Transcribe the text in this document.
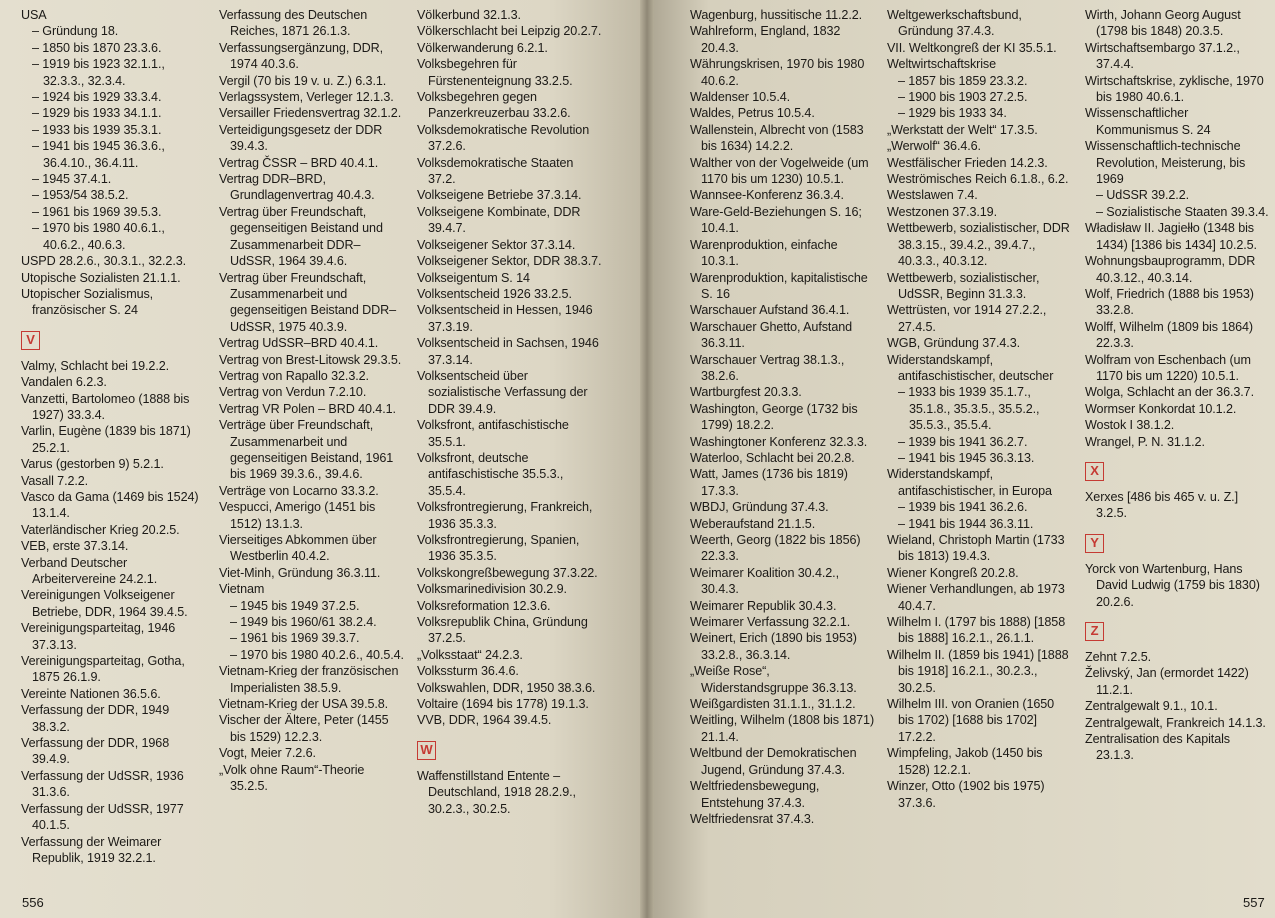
USA
– Gründung 18.
– 1850 bis 1870 23.3.6.
– 1919 bis 1923 32.1.1., 32.3.3., 32.3.4.
– 1924 bis 1929 33.3.4.
– 1929 bis 1933 34.1.1.
– 1933 bis 1939 35.3.1.
– 1941 bis 1945 36.3.6., 36.4.10., 36.4.11.
– 1945 37.4.1.
– 1953/54 38.5.2.
– 1961 bis 1969 39.5.3.
– 1970 bis 1980 40.6.1., 40.6.2., 40.6.3.
USPD 28.2.6., 30.3.1., 32.2.3.
Utopische Sozialisten 21.1.1.
Utopischer Sozialismus, französischer S. 24
V
Valmy, Schlacht bei 19.2.2.
Vandalen 6.2.3.
Vanzetti, Bartolomeo (1888 bis 1927) 33.3.4.
Varlin, Eugène (1839 bis 1871) 25.2.1.
Varus (gestorben 9) 5.2.1.
Vasall 7.2.2.
Vasco da Gama (1469 bis 1524) 13.1.4.
Vaterländischer Krieg 20.2.5.
VEB, erste 37.3.14.
Verband Deutscher Arbeitervereine 24.2.1.
Vereinigungen Volkseigener Betriebe, DDR, 1964 39.4.5.
Vereinigungsparteitag, 1946 37.3.13.
Vereinigungsparteitag, Gotha, 1875 26.1.9.
Vereinte Nationen 36.5.6.
Verfassung der DDR, 1949 38.3.2.
Verfassung der DDR, 1968 39.4.9.
Verfassung der UdSSR, 1936 31.3.6.
Verfassung der UdSSR, 1977 40.1.5.
Verfassung der Weimarer Republik, 1919 32.2.1.
Verfassung des Deutschen Reiches, 1871 26.1.3.
Verfassungsergänzung, DDR, 1974 40.3.6.
Vergil (70 bis 19 v. u. Z.) 6.3.1.
Verlagssystem, Verleger 12.1.3.
Versailler Friedensvertrag 32.1.2.
Verteidigungsgesetz der DDR 39.4.3.
Vertrag ČSSR – BRD 40.4.1.
Vertrag DDR–BRD, Grundlagenvertrag 40.4.3.
Vertrag über Freundschaft, gegenseitigen Beistand und Zusammenarbeit DDR–UdSSR, 1964 39.4.6.
Vertrag über Freundschaft, Zusammenarbeit und gegenseitigen Beistand DDR–UdSSR, 1975 40.3.9.
Vertrag UdSSR–BRD 40.4.1.
Vertrag von Brest-Litowsk 29.3.5.
Vertrag von Rapallo 32.3.2.
Vertrag von Verdun 7.2.10.
Vertrag VR Polen – BRD 40.4.1.
Verträge über Freundschaft, Zusammenarbeit und gegenseitigen Beistand, 1961 bis 1969 39.3.6., 39.4.6.
Verträge von Locarno 33.3.2.
Vespucci, Amerigo (1451 bis 1512) 13.1.3.
Vierseitiges Abkommen über Westberlin 40.4.2.
Viet-Minh, Gründung 36.3.11.
Vietnam
– 1945 bis 1949 37.2.5.
– 1949 bis 1960/61 38.2.4.
– 1961 bis 1969 39.3.7.
– 1970 bis 1980 40.2.6., 40.5.4.
Vietnam-Krieg der französischen Imperialisten 38.5.9.
Vietnam-Krieg der USA 39.5.8.
Vischer der Ältere, Peter (1455 bis 1529) 12.2.3.
Vogt, Meier 7.2.6.
„Volk ohne Raum“-Theorie 35.2.5.
Völkerbund 32.1.3.
Völkerschlacht bei Leipzig 20.2.7.
Völkerwanderung 6.2.1.
Volksbegehren für Fürstenenteignung 33.2.5.
Volksbegehren gegen Panzerkreuzerbau 33.2.6.
Volksdemokratische Revolution 37.2.6.
Volksdemokratische Staaten 37.2.
Volkseigene Betriebe 37.3.14.
Volkseigene Kombinate, DDR 39.4.7.
Volkseigener Sektor 37.3.14.
Volkseigener Sektor, DDR 38.3.7.
Volkseigentum S. 14
Volksentscheid 1926 33.2.5.
Volksentscheid in Hessen, 1946 37.3.19.
Volksentscheid in Sachsen, 1946 37.3.14.
Volksentscheid über sozialistische Verfassung der DDR 39.4.9.
Volksfront, antifaschistische 35.5.1.
Volksfront, deutsche antifaschistische 35.5.3., 35.5.4.
Volksfrontregierung, Frankreich, 1936 35.3.3.
Volksfrontregierung, Spanien, 1936 35.3.5.
Volkskongreßbewegung 37.3.22.
Volksmarinedivision 30.2.9.
Volksreformation 12.3.6.
Volksrepublik China, Gründung 37.2.5.
„Volksstaat“ 24.2.3.
Volkssturm 36.4.6.
Volkswahlen, DDR, 1950 38.3.6.
Voltaire (1694 bis 1778) 19.1.3.
VVB, DDR, 1964 39.4.5.
W
Waffenstillstand Entente – Deutschland, 1918 28.2.9., 30.2.3., 30.2.5.
Wagenburg, hussitische 11.2.2.
Wahlreform, England, 1832 20.4.3.
Währungskrisen, 1970 bis 1980 40.6.2.
Waldenser 10.5.4.
Waldes, Petrus 10.5.4.
Wallenstein, Albrecht von (1583 bis 1634) 14.2.2.
Walther von der Vogelweide (um 1170 bis um 1230) 10.5.1.
Wannsee-Konferenz 36.3.4.
Ware-Geld-Beziehungen S. 16; 10.4.1.
Warenproduktion, einfache 10.3.1.
Warenproduktion, kapitalistische S. 16
Warschauer Aufstand 36.4.1.
Warschauer Ghetto, Aufstand 36.3.11.
Warschauer Vertrag 38.1.3., 38.2.6.
Wartburgfest 20.3.3.
Washington, George (1732 bis 1799) 18.2.2.
Washingtoner Konferenz 32.3.3.
Waterloo, Schlacht bei 20.2.8.
Watt, James (1736 bis 1819) 17.3.3.
WBDJ, Gründung 37.4.3.
Weberaufstand 21.1.5.
Weerth, Georg (1822 bis 1856) 22.3.3.
Weimarer Koalition 30.4.2., 30.4.3.
Weimarer Republik 30.4.3.
Weimarer Verfassung 32.2.1.
Weinert, Erich (1890 bis 1953) 33.2.8., 36.3.14.
„Weiße Rose“, Widerstandsgruppe 36.3.13.
Weißgardisten 31.1.1., 31.1.2.
Weitling, Wilhelm (1808 bis 1871) 21.1.4.
Weltbund der Demokratischen Jugend, Gründung 37.4.3.
Weltfriedensbewegung, Entstehung 37.4.3.
Weltfriedensrat 37.4.3.
Weltgewerkschaftsbund, Gründung 37.4.3.
VII. Weltkongreß der KI 35.5.1.
Weltwirtschaftskrise
– 1857 bis 1859 23.3.2.
– 1900 bis 1903 27.2.5.
– 1929 bis 1933 34.
„Werkstatt der Welt“ 17.3.5.
„Werwolf“ 36.4.6.
Westfälischer Frieden 14.2.3.
Weströmisches Reich 6.1.8., 6.2.
Westslawen 7.4.
Westzonen 37.3.19.
Wettbewerb, sozialistischer, DDR 38.3.15., 39.4.2., 39.4.7., 40.3.3., 40.3.12.
Wettbewerb, sozialistischer, UdSSR, Beginn 31.3.3.
Wettrüsten, vor 1914 27.2.2., 27.4.5.
WGB, Gründung 37.4.3.
Widerstandskampf, antifaschistischer, deutscher
– 1933 bis 1939 35.1.7., 35.1.8., 35.3.5., 35.5.2., 35.5.3., 35.5.4.
– 1939 bis 1941 36.2.7.
– 1941 bis 1945 36.3.13.
Widerstandskampf, antifaschistischer, in Europa
– 1939 bis 1941 36.2.6.
– 1941 bis 1944 36.3.11.
Wieland, Christoph Martin (1733 bis 1813) 19.4.3.
Wiener Kongreß 20.2.8.
Wiener Verhandlungen, ab 1973 40.4.7.
Wilhelm I. (1797 bis 1888) [1858 bis 1888] 16.2.1., 26.1.1.
Wilhelm II. (1859 bis 1941) [1888 bis 1918] 16.2.1., 30.2.3., 30.2.5.
Wilhelm III. von Oranien (1650 bis 1702) [1688 bis 1702] 17.2.2.
Wimpfeling, Jakob (1450 bis 1528) 12.2.1.
Winzer, Otto (1902 bis 1975) 37.3.6.
Wirth, Johann Georg August (1798 bis 1848) 20.3.5.
Wirtschaftsembargo 37.1.2., 37.4.4.
Wirtschaftskrise, zyklische, 1970 bis 1980 40.6.1.
Wissenschaftlicher Kommunismus S. 24
Wissenschaftlich-technische Revolution, Meisterung, bis 1969
– UdSSR 39.2.2.
– Sozialistische Staaten 39.3.4.
Władisław II. Jagiełło (1348 bis 1434) [1386 bis 1434] 10.2.5.
Wohnungsbauprogramm, DDR 40.3.12., 40.3.14.
Wolf, Friedrich (1888 bis 1953) 33.2.8.
Wolff, Wilhelm (1809 bis 1864) 22.3.3.
Wolfram von Eschenbach (um 1170 bis um 1220) 10.5.1.
Wolga, Schlacht an der 36.3.7.
Wormser Konkordat 10.1.2.
Wostok I 38.1.2.
Wrangel, P. N. 31.1.2.
X
Xerxes [486 bis 465 v. u. Z.] 3.2.5.
Y
Yorck von Wartenburg, Hans David Ludwig (1759 bis 1830) 20.2.6.
Z
Zehnt 7.2.5.
Želivský, Jan (ermordet 1422) 11.2.1.
Zentralgewalt 9.1., 10.1.
Zentralgewalt, Frankreich 14.1.3.
Zentralisation des Kapitals 23.1.3.
556	557
